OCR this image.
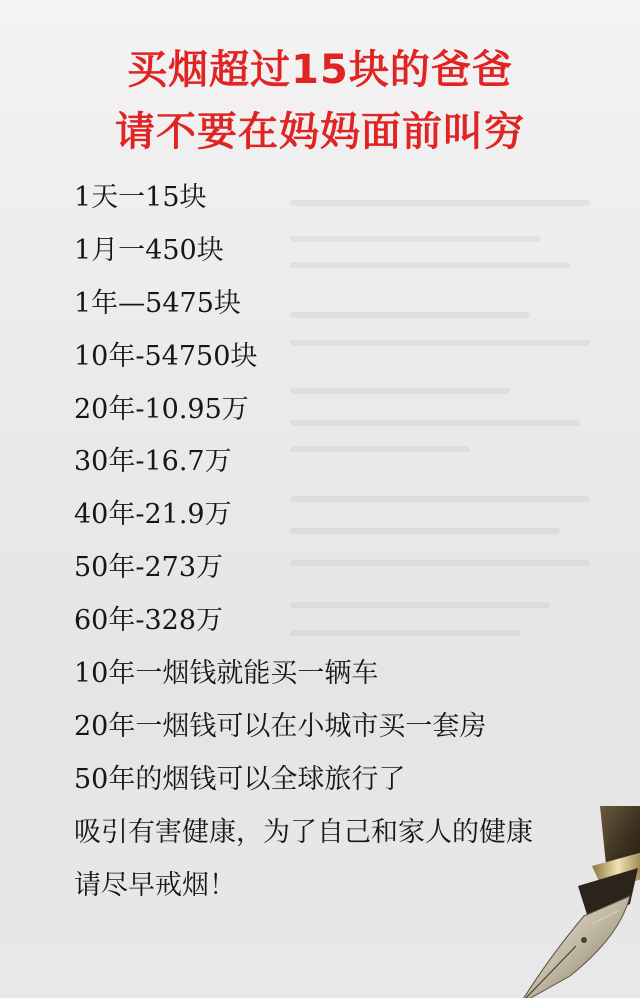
买烟超过15块的爸爸
请不要在妈妈面前叫穷
1天一15块
1月一450块
1年—5475块
10年-54750块
20年-10.95万
30年-16.7万
40年-21.9万
50年-273万
60年-328万
10年一烟钱就能买一辆车
20年一烟钱可以在小城市买一套房
50年的烟钱可以全球旅行了
吸引有害健康，为了自己和家人的健康
请尽早戒烟！
